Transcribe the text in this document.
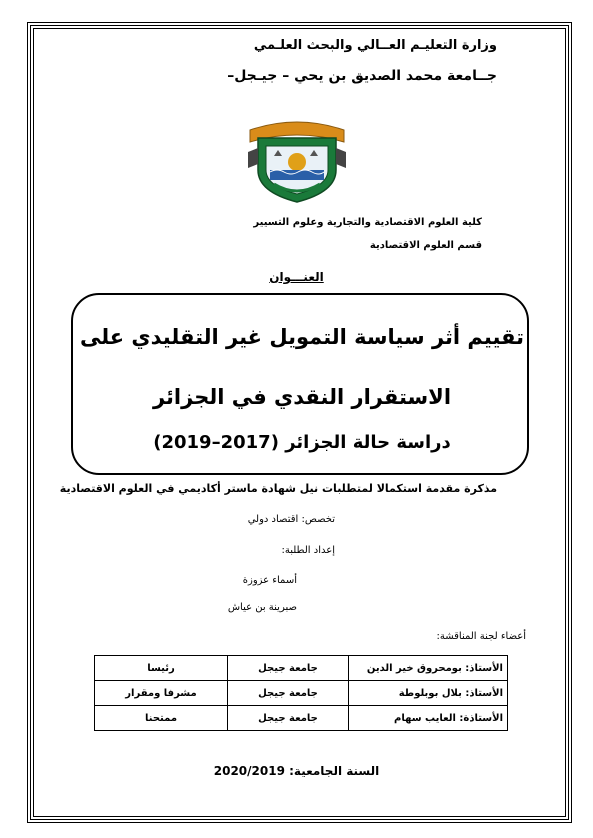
وزارة التعليـم العــالي والبحث العلـمي
جــامعة محمد الصديق بن يحي – جيـجل–
كلية العلوم الاقتصادية والتجارية وعلوم التسيير
قسم العلوم الاقتصادية
العنـــوان
تقييم أثر سياسة التمويل غير التقليدي على
الاستقرار النقدي في الجزائر
دراسة حالة الجزائر (2017–2019)
مذكرة مقدمة استكمالا لمتطلبات نيل شهادة ماستر أكاديمي في العلوم الاقتصادية
تخصص: اقتصاد دولي
إعداد الطلبة:
أسماء عزوزة
صبرينة بن عياش
أعضاء لجنة المناقشة:
الأستاذ: بومحروق خير الدين	جامعة جيجل	رئيسا
الأستاذ: بلال بوبلوطة	جامعة جيجل	مشرفا ومقرار
الأستاذة: العايب سهام	جامعة جيجل	ممتحنا
السنة الجامعية: 2020/2019
